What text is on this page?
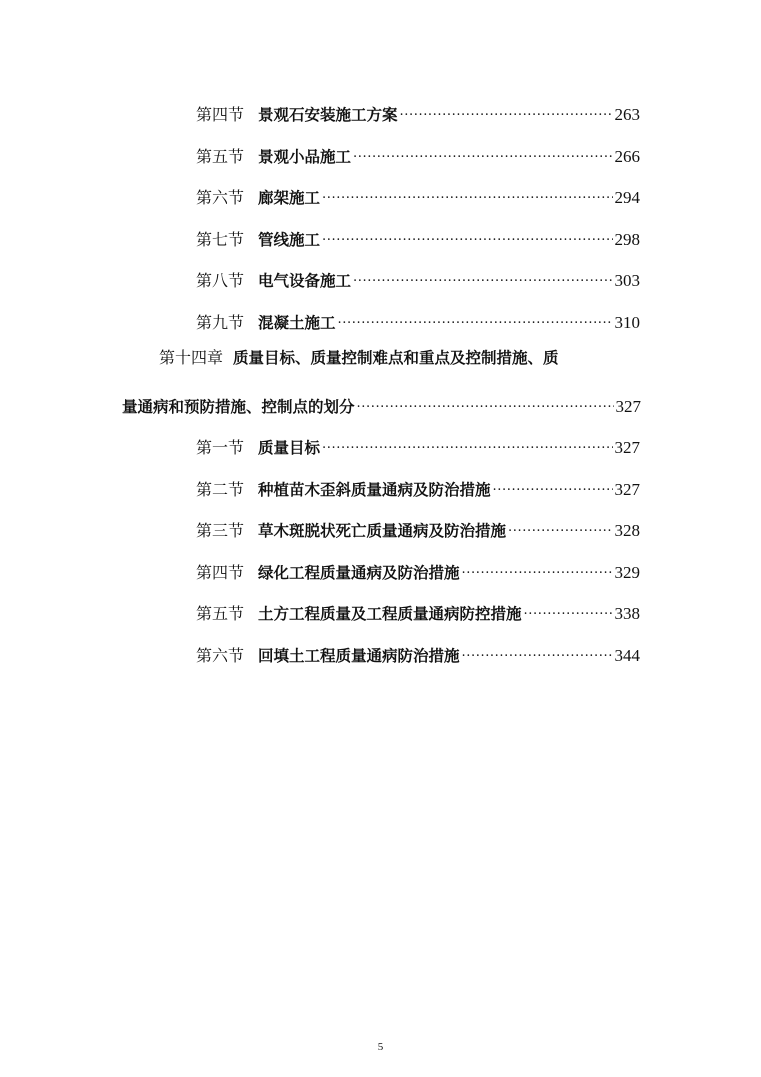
第四节 景观石安装施工方案 .....	263
第五节 景观小品施工 .....	266
第六节 廊架施工 .....	294
第七节 管线施工 .....	298
第八节 电气设备施工 .....	303
第九节 混凝土施工 .....	310
第十四章 质量目标、质量控制难点和重点及控制措施、质
量通病和预防措施、控制点的划分 .....	327
第一节 质量目标 .....	327
第二节 种植苗木歪斜质量通病及防治措施 .....	327
第三节 草木斑脱状死亡质量通病及防治措施 .....	328
第四节 绿化工程质量通病及防治措施 .....	329
第五节 土方工程质量及工程质量通病防控措施 .....	338
第六节 回填土工程质量通病防治措施 .....	344
5
